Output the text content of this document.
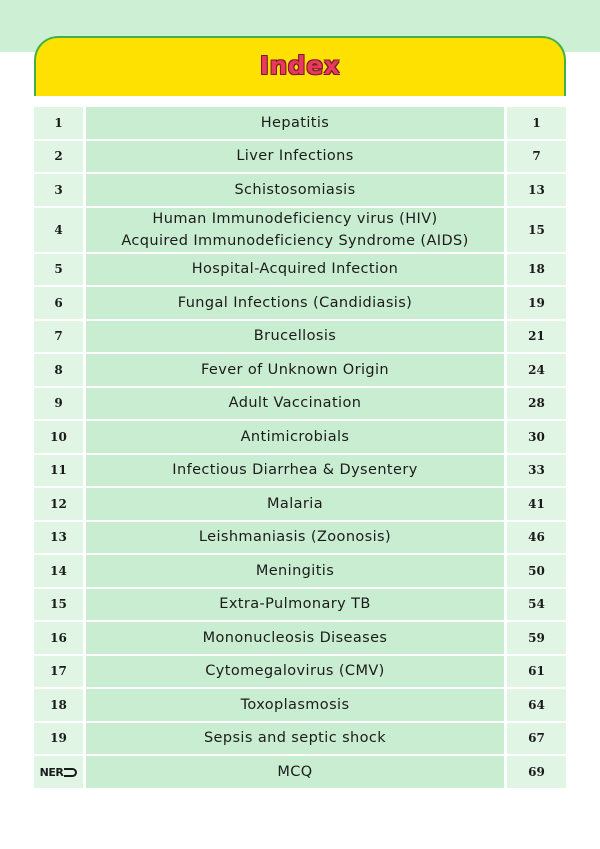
Index
1	Hepatitis	1
2	Liver Infections	7
3	Schistosomiasis	13
4	Human Immunodeficiency virus (HIV)
Acquired Immunodeficiency Syndrome (AIDS)	15
5	Hospital-Acquired Infection	18
6	Fungal Infections (Candidiasis)	19
7	Brucellosis	21
8	Fever of Unknown Origin	24
9	Adult Vaccination	28
10	Antimicrobials	30
11	Infectious Diarrhea & Dysentery	33
12	Malaria	41
13	Leishmaniasis (Zoonosis)	46
14	Meningitis	50
15	Extra-Pulmonary TB	54
16	Mononucleosis Diseases	59
17	Cytomegalovirus (CMV)	61
18	Toxoplasmosis	64
19	Sepsis and septic shock	67
NER	MCQ	69
